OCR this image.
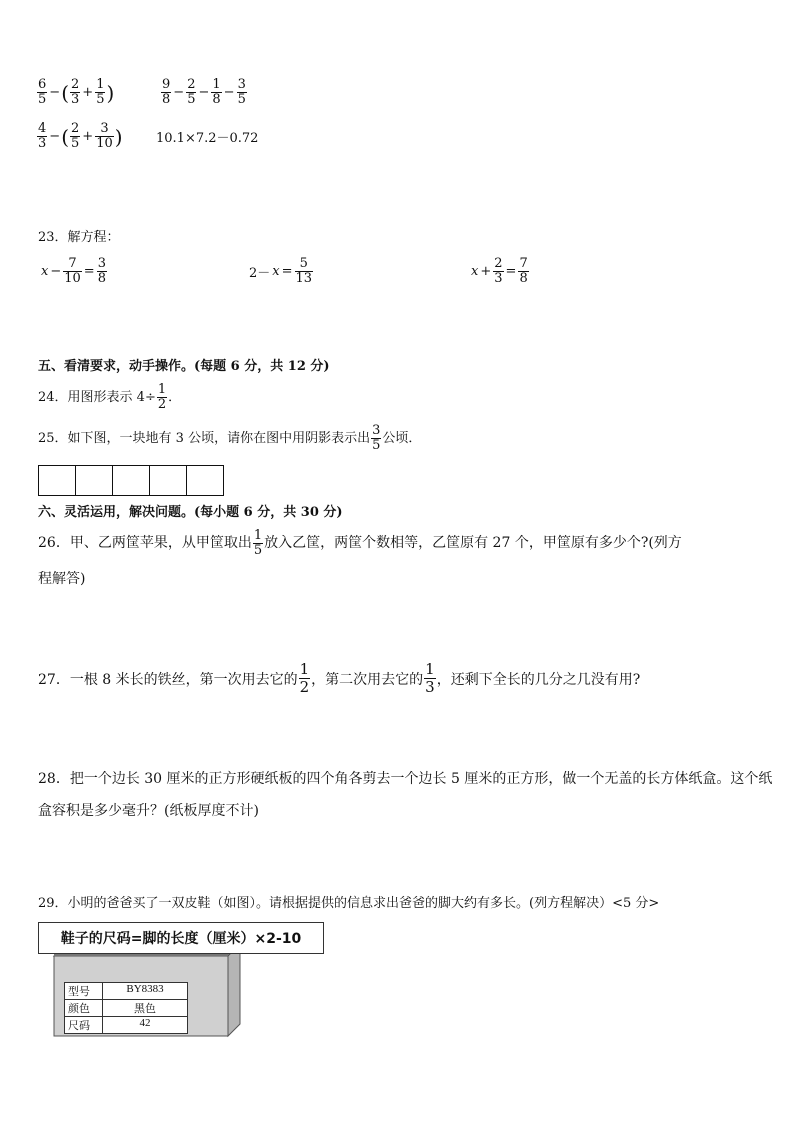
$\frac{6}{5}$ − ( $\frac{2}{3} + \frac{1}{5}$ )	$\frac{9}{8} - \frac{2}{5} - \frac{1}{8} - \frac{3}{5}$
$\frac{4}{3}$ − ( $\frac{2}{5} + \frac{3}{10}$ )	10.1×7.2－0.72
23．解方程：
$x - \frac{7}{10} = \frac{3}{8}$	$2- x = \frac{5}{13}$	$x + \frac{2}{3} = \frac{7}{8}$
五、看清要求，动手操作。(每题 6 分，共 12 分)
24．用图形表示 $4\div \frac{1}{2}$ ．
25．如下图，一块地有 3 公顷，请你在图中用阴影表示出 $\frac{3}{5}$ 公顷．
六、灵活运用，解决问题。(每小题 6 分，共 30 分)
26．甲、乙两筐苹果，从甲筐取出 $\frac{1}{5}$ 放入乙筐，两筐个数相等，乙筐原有 27 个，甲筐原有多少个?(列方
程解答)
27．一根 8 米长的铁丝，第一次用去它的 $\frac{1}{2}$ ，第二次用去它的 $\frac{1}{3}$ ，还剩下全长的几分之几没有用?
28．把一个边长 30 厘米的正方形硬纸板的四个角各剪去一个边长 5 厘米的正方形，做一个无盖的长方体纸盒。这个纸
盒容积是多少毫升？(纸板厚度不计)
29．小明的爸爸买了一双皮鞋（如图）。请根据提供的信息求出爸爸的脚大约有多长。(列方程解决）<5 分>
鞋子的尺码=脚的长度（厘米）×2-10
型号	BY8383
颜色	黑色
尺码	42
